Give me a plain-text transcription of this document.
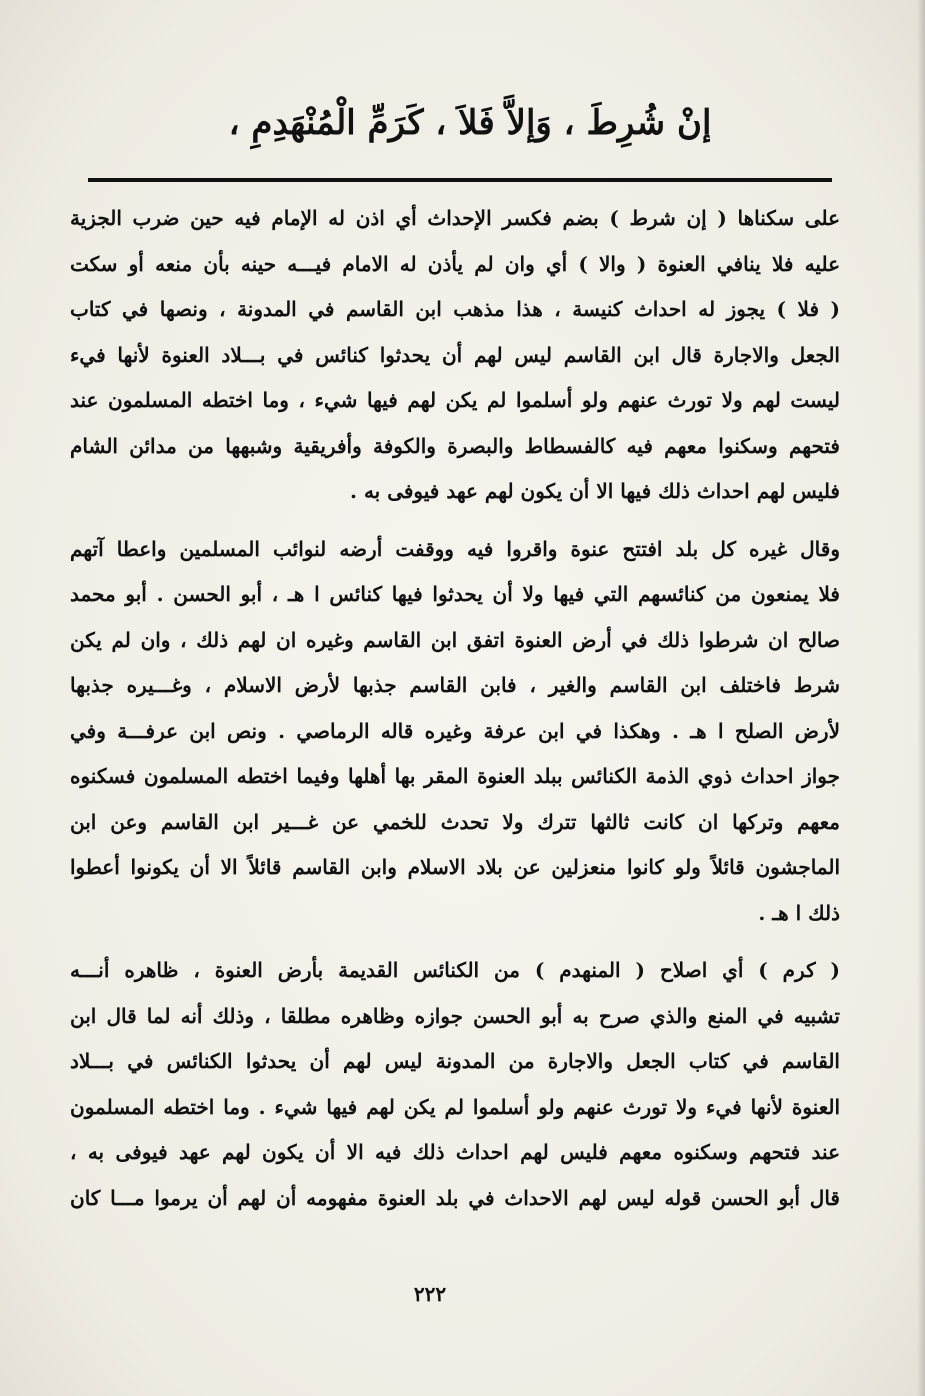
إنْ شُرِطَ ، وَإلاَّ فَلاَ ، كَرَمِّ الْمُنْهَدِمِ ،
على سكناها ( إن شرط ) بضم فكسر الإحداث أي اذن له الإمام فيه حين ضرب الجزية
عليه فلا ينافي العنوة ( والا ) أي وان لم يأذن له الامام فيـــه حينه بأن منعه أو سكت
( فلا ) يجوز له احداث كنيسة ، هذا مذهب ابن القاسم في المدونة ، ونصها في كتاب
الجعل والاجارة قال ابن القاسم ليس لهم أن يحدثوا كنائس في بـــلاد العنوة لأنها فيء
ليست لهم ولا تورث عنهم ولو أسلموا لم يكن لهم فيها شيء ، وما اختطه المسلمون عند
فتحهم وسكنوا معهم فيه كالفسطاط والبصرة والكوفة وأفريقية وشبهها من مدائن الشام
فليس لهم احداث ذلك فيها الا أن يكون لهم عهد فيوفى به .
وقال غيره كل بلد افتتح عنوة واقروا فيه ووقفت أرضه لنوائب المسلمين واعطا آتهم
فلا يمنعون من كنائسهم التي فيها ولا أن يحدثوا فيها كنائس ا هـ ، أبو الحسن . أبو محمد
صالح ان شرطوا ذلك في أرض العنوة اتفق ابن القاسم وغيره ان لهم ذلك ، وان لم يكن
شرط فاختلف ابن القاسم والغير ، فابن القاسم جذبها لأرض الاسلام ، وغـــيره جذبها
لأرض الصلح ا هـ . وهكذا في ابن عرفة وغيره قاله الرماصي . ونص ابن عرفـــة وفي
جواز احداث ذوي الذمة الكنائس ببلد العنوة المقر بها أهلها وفيما اختطه المسلمون فسكنوه
معهم وتركها ان كانت ثالثها تترك ولا تحدث للخمي عن غـــير ابن القاسم وعن ابن
الماجشون قائلاً ولو كانوا منعزلين عن بلاد الاسلام وابن القاسم قائلاً الا أن يكونوا أعطوا
ذلك ا هـ .
( كرم ) أي اصلاح ( المنهدم ) من الكنائس القديمة بأرض العنوة ، ظاهره أنـــه
تشبيه في المنع والذي صرح به أبو الحسن جوازه وظاهره مطلقا ، وذلك أنه لما قال ابن
القاسم في كتاب الجعل والاجارة من المدونة ليس لهم أن يحدثوا الكنائس في بـــلاد
العنوة لأنها فيء ولا تورث عنهم ولو أسلموا لم يكن لهم فيها شيء . وما اختطه المسلمون
عند فتحهم وسكنوه معهم فليس لهم احداث ذلك فيه الا أن يكون لهم عهد فيوفى به ،
قال أبو الحسن قوله ليس لهم الاحداث في بلد العنوة مفهومه أن لهم أن يرموا مـــا كان
٢٢٢
